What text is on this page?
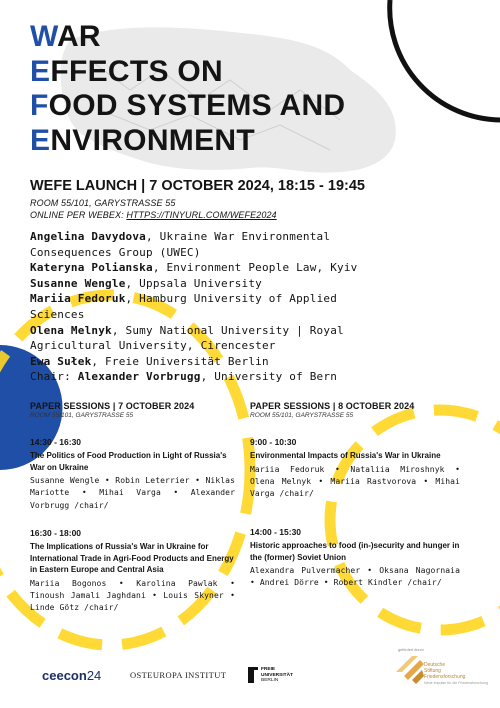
WAR
EFFECTS ON
FOOD SYSTEMS AND
ENVIRONMENT
WEFE LAUNCH | 7 OCTOBER 2024, 18:15 - 19:45
ROOM 55/101, GARYSTRASSE 55
ONLINE PER WEBEX: HTTPS://TINYURL.COM/WEFE2024
Angelina Davydova, Ukraine War Environmental
Consequences Group (UWEC)
Kateryna Polianska, Environment People Law, Kyiv
Susanne Wengle, Uppsala University
Mariia Fedoruk, Hamburg University of Applied
Sciences
Olena Melnyk, Sumy National University | Royal
Agricultural University, Cirencester
Ewa Sułek, Freie Universität Berlin
Chair: Alexander Vorbrugg, University of Bern
PAPER SESSIONS | 7 OCTOBER 2024
ROOM 55/101, GARYSTRASSE 55
14:30 - 16:30
The Politics of Food Production in Light of Russia's War on Ukraine
Susanne Wengle • Robin Leterrier • Niklas Mariotte • Mihai Varga • Alexander Vorbrugg /chair/
16:30 - 18:00
The Implications of Russia's War in Ukraine for International Trade in Agri-Food Products and Energy in Eastern Europe and Central Asia
Mariia Bogonos • Karolina Pawlak • Tinoush Jamali Jaghdani • Louis Skyner • Linde Götz /chair/
PAPER SESSIONS | 8 OCTOBER 2024
ROOM 55/101, GARYSTRASSE 55
9:00 - 10:30
Environmental Impacts of Russia's War in Ukraine
Mariia Fedoruk • Nataliia Miroshnyk • Olena Melnyk • Mariia Rastvorova • Mihai Varga /chair/
14:00 - 15:30
Historic approaches to food (in-)security and hunger in the (former) Soviet Union
Alexandra Pulvermacher • Oksana Nagornaia • Andrei Dörre • Robert Kindler /chair/
ceecon24	OSTEUROPA INSTITUT
FREIE
UNIVERSITÄT
BERLIN
gefördert durch
Deutsche
Stiftung
Friedensforschung
Neue Impulse für die Friedensforschung
